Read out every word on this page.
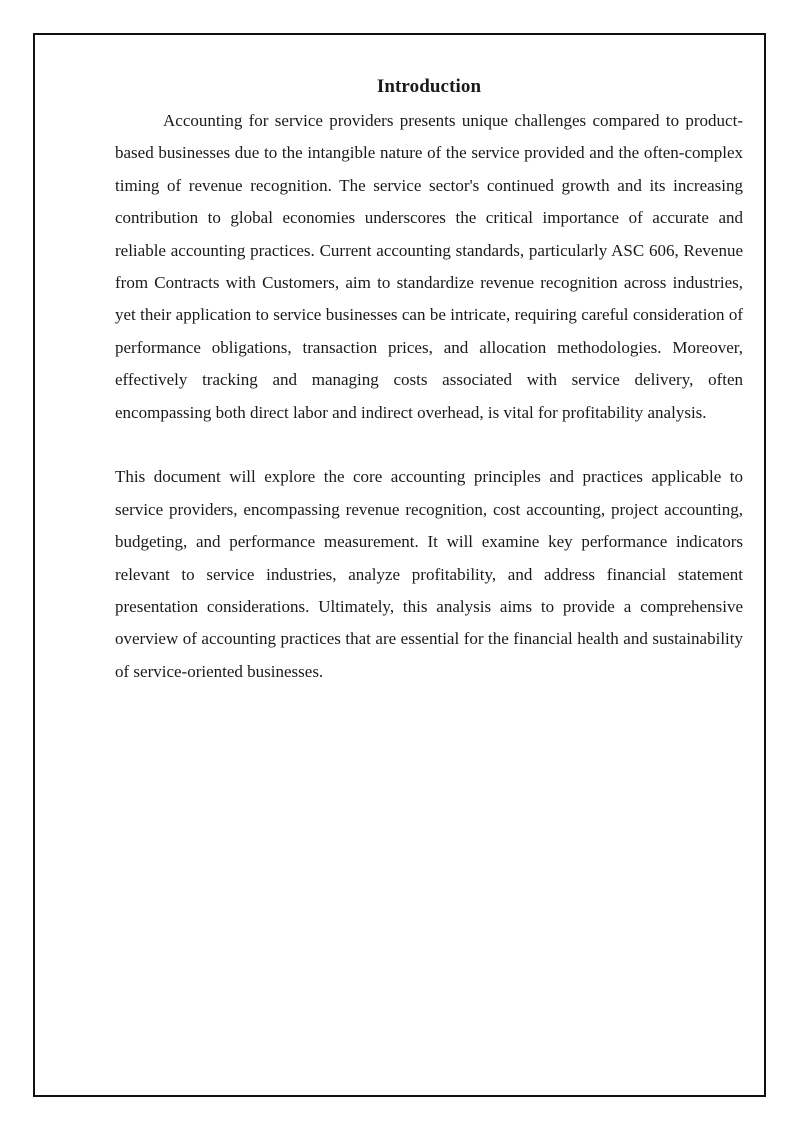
Introduction

Accounting for service providers presents unique challenges compared to product-based businesses due to the intangible nature of the service provided and the often-complex timing of revenue recognition. The service sector's continued growth and its increasing contribution to global economies underscores the critical importance of accurate and reliable accounting practices. Current accounting standards, particularly ASC 606, Revenue from Contracts with Customers, aim to standardize revenue recognition across industries, yet their application to service businesses can be intricate, requiring careful consideration of performance obligations, transaction prices, and allocation methodologies. Moreover, effectively tracking and managing costs associated with service delivery, often encompassing both direct labor and indirect overhead, is vital for profitability analysis.

This document will explore the core accounting principles and practices applicable to service providers, encompassing revenue recognition, cost accounting, project accounting, budgeting, and performance measurement. It will examine key performance indicators relevant to service industries, analyze profitability, and address financial statement presentation considerations. Ultimately, this analysis aims to provide a comprehensive overview of accounting practices that are essential for the financial health and sustainability of service-oriented businesses.
